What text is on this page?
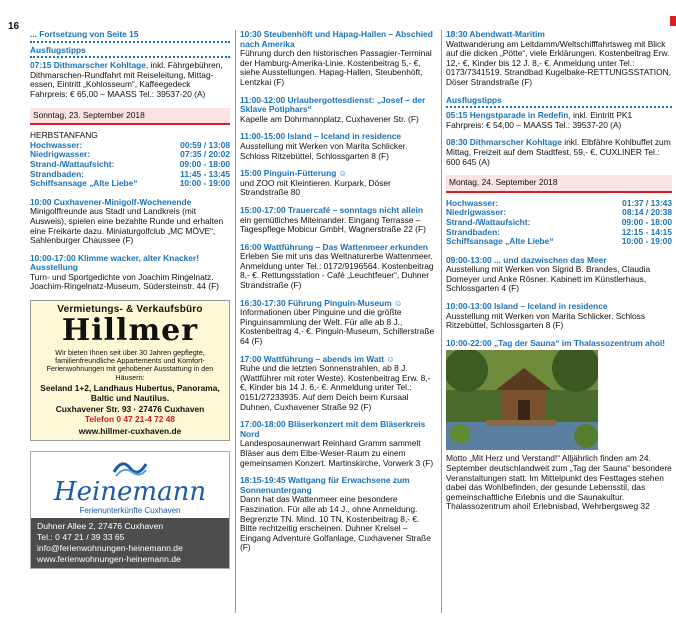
16
... Fortsetzung von Seite 15
Ausflugstipps

07:15 Dithmarscher Kohltage, inkl. Fährgebühren,

Dithmarschen-Rundfahrt mit Reiseleitung, Mittag-

essen, Eintritt „Kohlosseum“, Kaffeegedeck

Fahrpreis: € 65,00 – MAASS Tel.: 39537-20 (A)

Sonntag, 23. September 2018
HERBSTANFANG
Hochwasser:	00:59 / 13:08
Niedrigwasser:	07:35 / 20:02
Strand-/Wattaufsicht:	09:00 - 18:00
Strandbaden:	11:45 - 13:45
Schiffsansage „Alte Liebe“	10:00 - 19:00

10:00 Cuxhavener-Minigolf-Wochenende

Minigolffreunde aus Stadt und Landkreis (mit Ausweis), spielen eine bezahlte Runde und erhalten eine Freikarte dazu. Miniaturgolfclub „MC MÖVE“, Sahlenburger Chaussee (F)

10:00-17:00 Klimme wacker, alter Knacker! Ausstellung

Turn- und Sportgedichte von Joachim Ringelnatz. Joachim-Ringelnatz-Museum, Südersteinstr. 44 (F)

Vermietungs- & Verkaufsbüro
Hillmer
Wir bieten Ihnen seit über 30 Jahren gepflegte, familienfreundliche Appartements und Komfort-Ferienwohnungen mit gehobener Ausstattung in den Häusern:
Seeland 1+2, Landhaus Hubertus, Panorama, Baltic und Nautilus.
Cuxhavener Str. 93 · 27476 Cuxhaven
Telefon 0 47 21-4 72 48
www.hillmer-cuxhaven.de
Heinemann
Ferienunterkünfte Cuxhaven
Duhner Allee 2, 27476 Cuxhaven
Tel.: 0 47 21 / 39 33 65
info@ferienwohnungen-heinemann.de
www.ferienwohnungen-heinemann.de

10:30 Steubenhöft und Hapag-Hallen – Abschied nach Amerika

Führung durch den historischen Passagier-Terminal der Hamburg-Amerika-Linie. Kostenbeitrag 5,- €, siehe Ausstellungen. Hapag-Hallen, Steubenhöft, Lentzkai (F)

11:00-12:00 Urlaubergottesdienst: „Josef – der Sklave Potiphars“

Kapelle am Dohrmannplatz, Cuxhavener Str. (F)

11:00-15:00 Island – Iceland in residence

Ausstellung mit Werken von Marita Schlicker. Schloss Ritzebüttel, Schlossgarten 8 (F)

15:00 Pinguin-Fütterung ☺

und ZOO mit Kleintieren. Kurpark, Döser Strandstraße 80

15:00-17:00 Trauercafé – sonntags nicht allein

ein gemütliches Miteinander. Eingang Terrasse – Tagespflege Mobicur GmbH, Wagnerstraße 22 (F)

16:00 Wattführung – Das Wattenmeer erkunden

Erleben Sie mit uns das Weltnaturerbe Wattenmeer. Anmeldung unter Tel.: 0172/9196564. Kostenbeitrag 8,- €. Rettungsstation - Café „Leuchtfeuer“, Duhner Strandstraße (F)

16:30-17:30 Führung Pinguin-Museum ☺

Informationen über Pinguine und die größte Pinguinsammlung der Welt. Für alle ab 8 J., Kostenbeitrag 4,- €. Pinguin-Museum, Schillerstraße 64 (F)

17:00 Wattführung – abends im Watt ☺

Ruhe und die letzten Sonnenstrahlen, ab 8 J. (Wattführer mit roter Weste). Kostenbeitrag Erw. 8,- €, Kinder bis 14 J. 6,- €. Anmeldung unter Tel.: 0151/27233935. Auf dem Deich beim Kursaal Duhnen, Cuxhavener Straße 92 (F)

17:00-18:00 Bläserkonzert mit dem Bläserkreis Nord

Landesposaunenwart Reinhard Gramm sammelt Bläser aus dem Elbe-Weser-Raum zu einem gemeinsamen Konzert. Martinskirche, Vorwerk 3 (F)

18:15-19:45 Wattgang für Erwachsene zum Sonnenuntergang

Dann hat das Wattenmeer eine besondere Faszination. Für alle ab 14 J., ohne Anmeldung. Begrenzte TN. Mind. 10 TN, Kostenbeitrag 8,- €. Bitte rechtzeitig erscheinen. Duhner Kreisel – Eingang Adventure Golfanlage, Cuxhavener Straße (F)

18:30 Abendwatt-Maritim

Wattwanderung am Leitdamm/Weltschifffahrtsweg mit Blick auf die dicken „Pötte“, viele Erklärungen. Kostenbeitrag Erw. 12,- €, Kinder bis 12 J. 8,- €. Anmeldung unter Tel.: 0173/7341519. Strandbad Kugelbake-RETTUNGSSTATION, Döser Strandstraße (F)

Ausflugstipps

05:15 Hengstparade in Redefin, inkl. Eintritt PK1

Fahrpreis: € 54,00 – MAASS Tel.: 39537-20 (A)

08:30 Dithmarscher Kohltage inkl. Elbfähre Kohlbuffet zum Mittag, Freizeit auf dem Stadtfest, 59,- €, CUXLINER Tel.: 600 645 (A)

Montag, 24. September 2018
Hochwasser:	01:37 / 13:43
Niedrigwasser:	08:14 / 20:38
Strand-/Wattaufsicht:	09:00 - 18:00
Strandbaden:	12:15 - 14:15
Schiffsansage „Alte Liebe“	10:00 - 19:00

09:00-13:00 ... und dazwischen das Meer

Ausstellung mit Werken von Sigrid B. Brandes, Claudia Domeyer und Anke Rösner. Kabinett im Künstlerhaus, Schlossgarten 4 (F)

10:00-13:00 Island – Iceland in residence

Ausstellung mit Werken von Marita Schlicker. Schloss Ritzebüttel, Schlossgarten 8 (F)

10:00-22:00 „Tag der Sauna“ im Thalassozentrum ahoi!

Motto „Mit Herz und Verstand!“ Alljährlich finden am 24. September deutschlandweit zum „Tag der Sauna“ besondere Veranstaltungen statt. Im Mittelpunkt des Festtages stehen dabei das Wohlbefinden, der gesunde Lebensstil, das gemeinschaftliche Erlebnis und die Saunakultur. Thalassozentrum ahoi! Erlebnisbad, Wehrbergsweg 32
